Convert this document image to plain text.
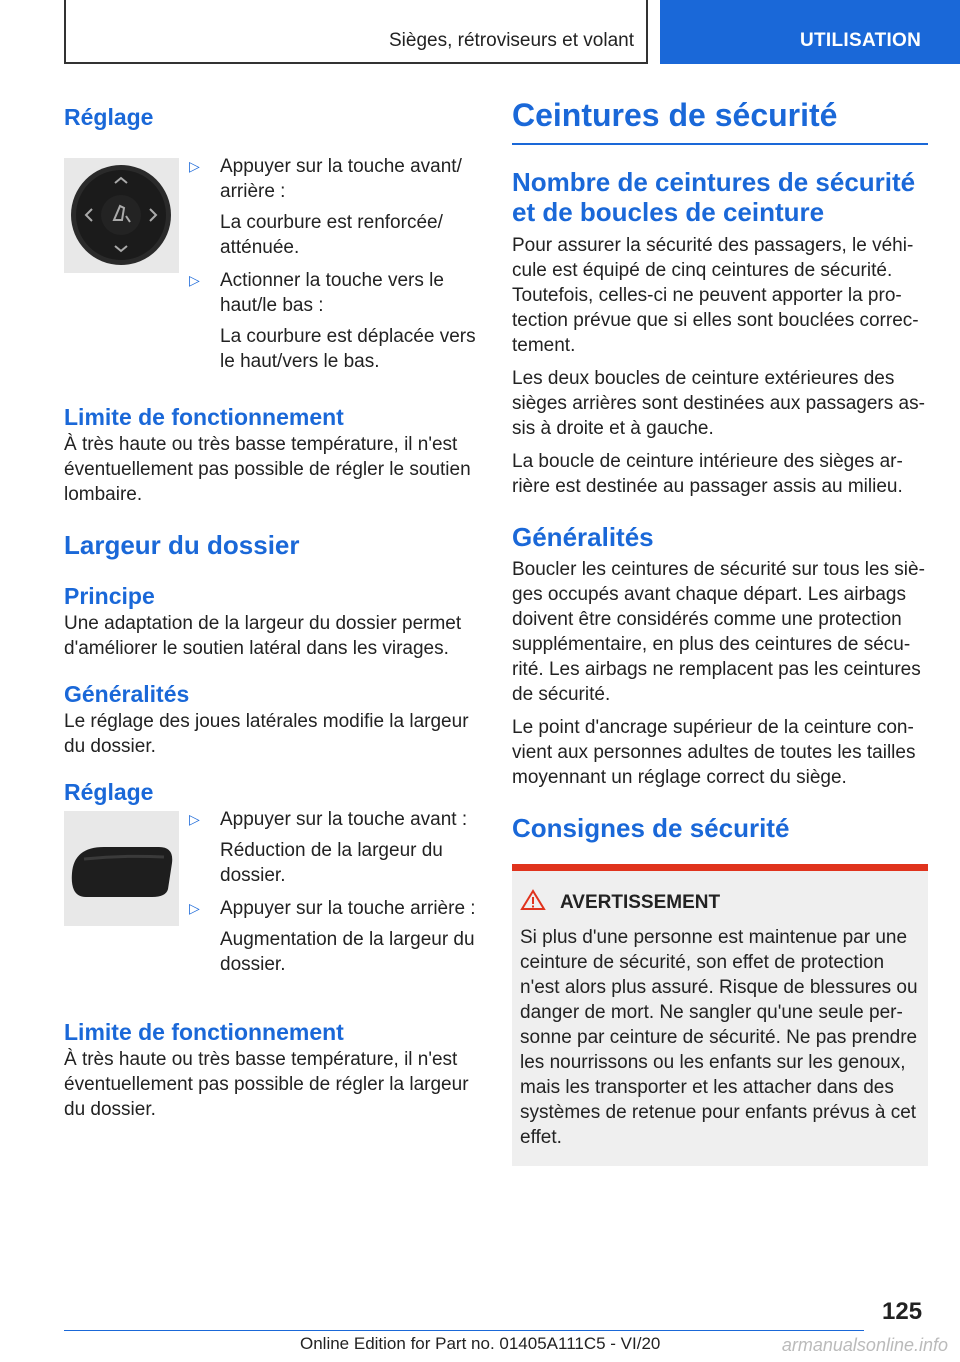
Sièges, rétroviseurs et volant	UTILISATION
Réglage
▷	Appuyer sur la touche avant/ arrière :
La courbure est renforcée/ atténuée.
▷	Actionner la touche vers le haut/le bas :
La courbure est déplacée vers le haut/vers le bas.
Limite de fonctionnement

À très haute ou très basse température, il n'est éventuellement pas possible de régler le soutien lombaire.

Largeur du dossier
Principe

Une adaptation de la largeur du dossier permet d'améliorer le soutien latéral dans les virages.

Généralités

Le réglage des joues latérales modifie la largeur du dossier.

Réglage
▷	Appuyer sur la touche avant :
Réduction de la largeur du dossier.
▷	Appuyer sur la touche arrière :
Augmentation de la largeur du dossier.
Limite de fonctionnement

À très haute ou très basse température, il n'est éventuellement pas possible de régler la largeur du dossier.

Ceintures de sécurité
Nombre de ceintures de sécurité et de boucles de ceinture

Pour assurer la sécurité des passagers, le véhi- cule est équipé de cinq ceintures de sécurité. Toutefois, celles-ci ne peuvent apporter la pro- tection prévue que si elles sont bouclées correc- tement.

Les deux boucles de ceinture extérieures des sièges arrières sont destinées aux passagers as- sis à droite et à gauche.

La boucle de ceinture intérieure des sièges ar- rière est destinée au passager assis au milieu.

Généralités

Boucler les ceintures de sécurité sur tous les siè- ges occupés avant chaque départ. Les airbags doivent être considérés comme une protection supplémentaire, en plus des ceintures de sécu- rité. Les airbags ne remplacent pas les ceintures de sécurité.

Le point d'ancrage supérieur de la ceinture con- vient aux personnes adultes de toutes les tailles moyennant un réglage correct du siège.

Consignes de sécurité
AVERTISSEMENT

Si plus d'une personne est maintenue par une ceinture de sécurité, son effet de protection n'est alors plus assuré. Risque de blessures ou danger de mort. Ne sangler qu'une seule per- sonne par ceinture de sécurité. Ne pas prendre les nourrissons ou les enfants sur les genoux, mais les transporter et les attacher dans des systèmes de retenue pour enfants prévus à cet effet.

125
Online Edition for Part no. 01405A111C5 - VI/20	armanualsonline.info
